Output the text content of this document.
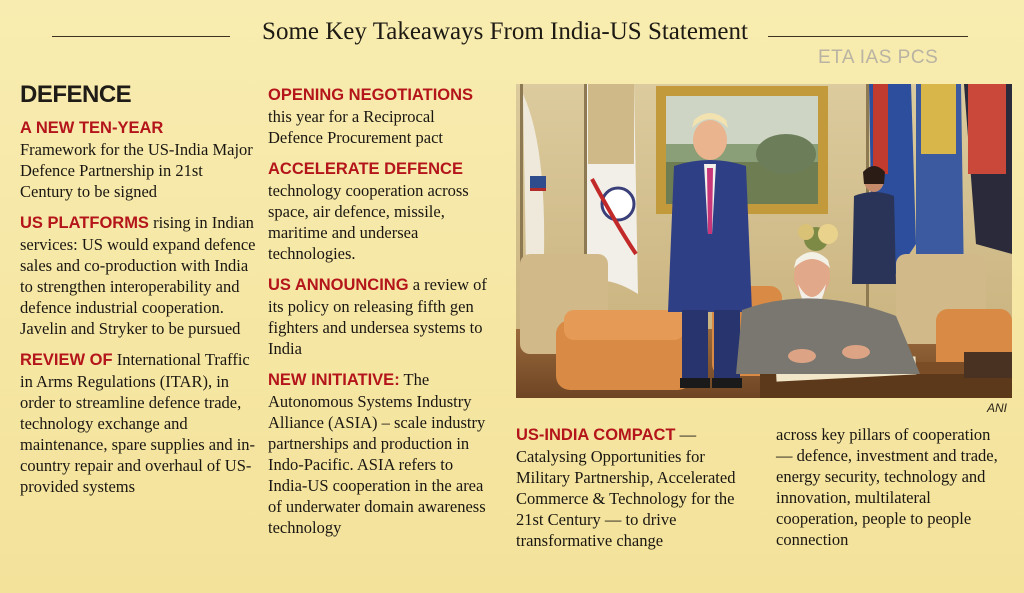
Some Key Takeaways From India-US Statement
ETA IAS PCS
DEFENCE

A NEW TEN-YEAR
Framework for the US-India Major Defence Partnership in 21st Century to be signed

US PLATFORMS rising in Indian services: US would expand defence sales and co-production with India to strengthen interoperability and defence industrial cooperation. Javelin and Stryker to be pursued

REVIEW OF International Traffic in Arms Regulations (ITAR), in order to streamline defence trade, technology exchange and maintenance, spare supplies and in-country repair and overhaul of US-provided systems

OPENING NEGOTIATIONS
this year for a Reciprocal Defence Procurement pact

ACCELERATE DEFENCE
technology cooperation across space, air defence, missile, maritime and undersea technologies.

US ANNOUNCING a review of its policy on releasing fifth gen fighters and undersea systems to India

NEW INITIATIVE: The Autonomous Systems Industry Alliance (ASIA) – scale industry partnerships and production in Indo-Pacific. ASIA refers to India-US cooperation in the area of underwater domain awareness technology

ANI

US-INDIA COMPACT — Catalysing Opportunities for Military Partnership, Accelerated Commerce & Technology for the 21st Century — to drive transformative change

across key pillars of cooperation — defence, investment and trade, energy security, technology and innovation, multilateral cooperation, people to people connection
